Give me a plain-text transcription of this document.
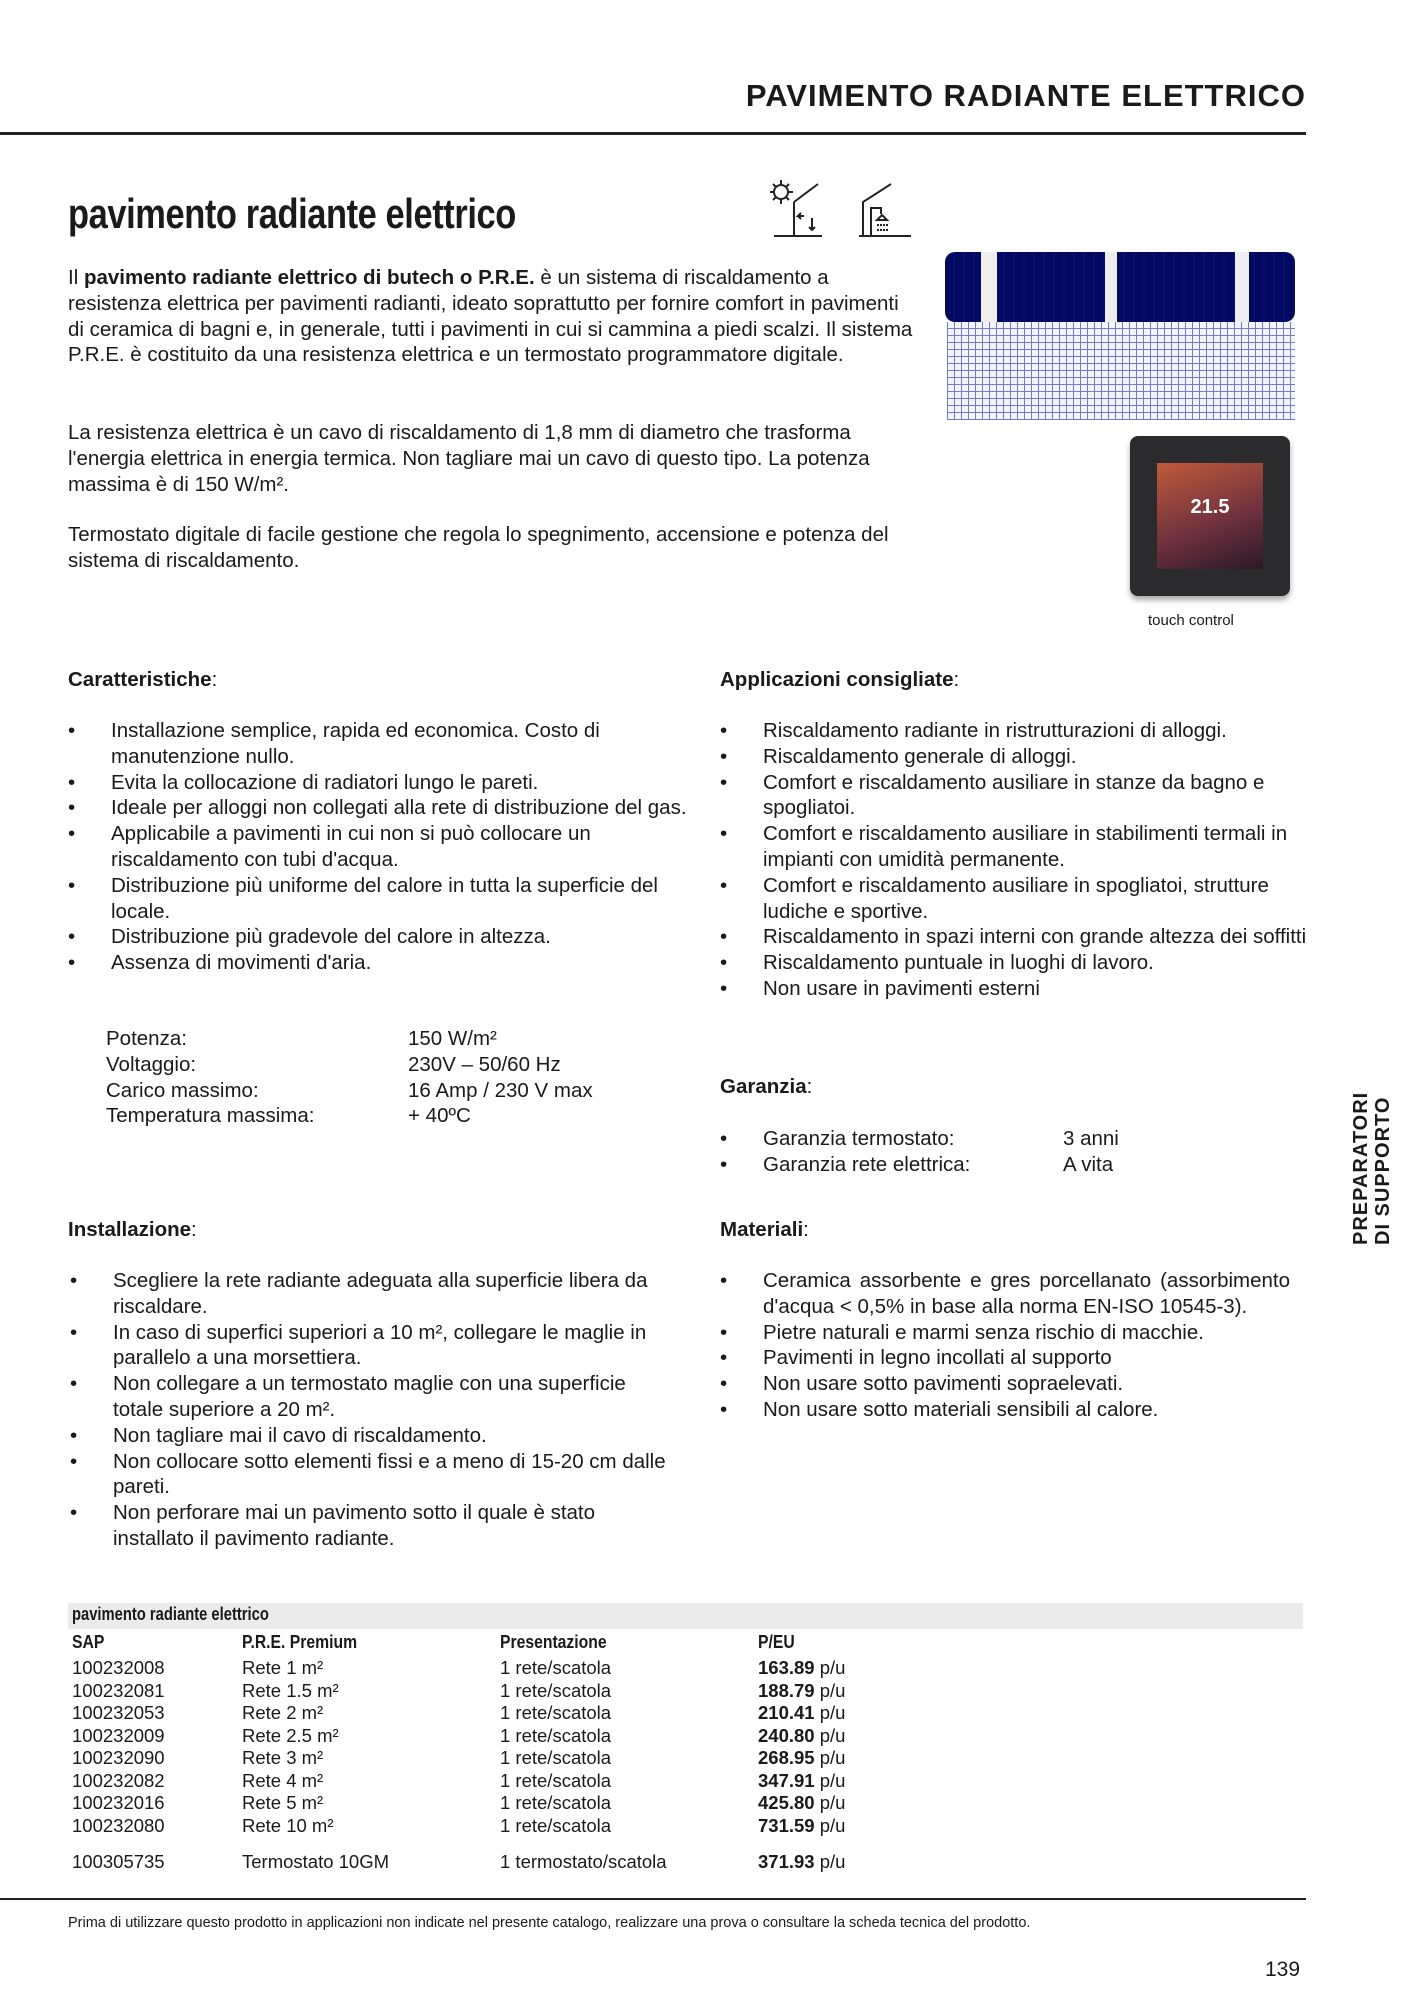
PAVIMENTO RADIANTE ELETTRICO
pavimento radiante elettrico
Il pavimento radiante elettrico di butech o P.R.E. è un sistema di riscaldamento a resistenza elettrica per pavimenti radianti, ideato soprattutto per fornire comfort in pavimenti di ceramica di bagni e, in generale, tutti i pavimenti in cui si cammina a piedi scalzi. Il sistema P.R.E. è costituito da una resistenza elettrica e un termostato programmatore digitale.
La resistenza elettrica è un cavo di riscaldamento di 1,8 mm di diametro che trasforma l'energia elettrica in energia termica. Non tagliare mai un cavo di questo tipo. La potenza massima è di 150 W/m².
Termostato digitale di facile gestione che regola lo spegnimento, accensione e potenza del sistema di riscaldamento.
21.5
touch control
Caratteristiche:
• Installazione semplice, rapida ed economica. Costo di manutenzione nullo.
• Evita la collocazione di radiatori lungo le pareti.
• Ideale per alloggi non collegati alla rete di distribuzione del gas.
• Applicabile a pavimenti in cui non si può collocare un riscaldamento con tubi d'acqua.
• Distribuzione più uniforme del calore in tutta la superficie del locale.
• Distribuzione più gradevole del calore in altezza.
• Assenza di movimenti d'aria.
Potenza:	150 W/m²
Voltaggio:	230V – 50/60 Hz
Carico massimo:	16 Amp / 230 V max
Temperatura massima:	+ 40ºC
Applicazioni consigliate:
• Riscaldamento radiante in ristrutturazioni di alloggi.
• Riscaldamento generale di alloggi.
• Comfort e riscaldamento ausiliare in stanze da bagno e spogliatoi.
• Comfort e riscaldamento ausiliare in stabilimenti termali in impianti con umidità permanente.
• Comfort e riscaldamento ausiliare in spogliatoi, strutture ludiche e sportive.
• Riscaldamento in spazi interni con grande altezza dei soffitti
• Riscaldamento puntuale in luoghi di lavoro.
• Non usare in pavimenti esterni
Garanzia:
• Garanzia termostato:	3 anni
• Garanzia rete elettrica:	A vita
Installazione:
• Scegliere la rete radiante adeguata alla superficie libera da riscaldare.
• In caso di superfici superiori a 10 m², collegare le maglie in parallelo a una morsettiera.
• Non collegare a un termostato maglie con una superficie totale superiore a 20 m².
• Non tagliare mai il cavo di riscaldamento.
• Non collocare sotto elementi fissi e a meno di 15-20 cm dalle pareti.
• Non perforare mai un pavimento sotto il quale è stato installato il pavimento radiante.
Materiali:
• Ceramica assorbente e gres porcellanato (assorbimento d'acqua < 0,5% in base alla norma EN-ISO 10545-3).
• Pietre naturali e marmi senza rischio di macchie.
• Pavimenti in legno incollati al supporto
• Non usare sotto pavimenti sopraelevati.
• Non usare sotto materiali sensibili al calore.
pavimento radiante elettrico
SAP	P.R.E. Premium	Presentazione	P/EU
100232008	Rete 1 m²	1 rete/scatola	163.89 p/u
100232081	Rete 1.5 m²	1 rete/scatola	188.79 p/u
100232053	Rete 2 m²	1 rete/scatola	210.41 p/u
100232009	Rete 2.5 m²	1 rete/scatola	240.80 p/u
100232090	Rete 3 m²	1 rete/scatola	268.95 p/u
100232082	Rete 4 m²	1 rete/scatola	347.91 p/u
100232016	Rete 5 m²	1 rete/scatola	425.80 p/u
100232080	Rete 10 m²	1 rete/scatola	731.59 p/u
100305735	Termostato 10GM	1 termostato/scatola	371.93 p/u
Prima di utilizzare questo prodotto in applicazioni non indicate nel presente catalogo, realizzare una prova o consultare la scheda tecnica del prodotto.
139
PREPARATORI DI SUPPORTO
